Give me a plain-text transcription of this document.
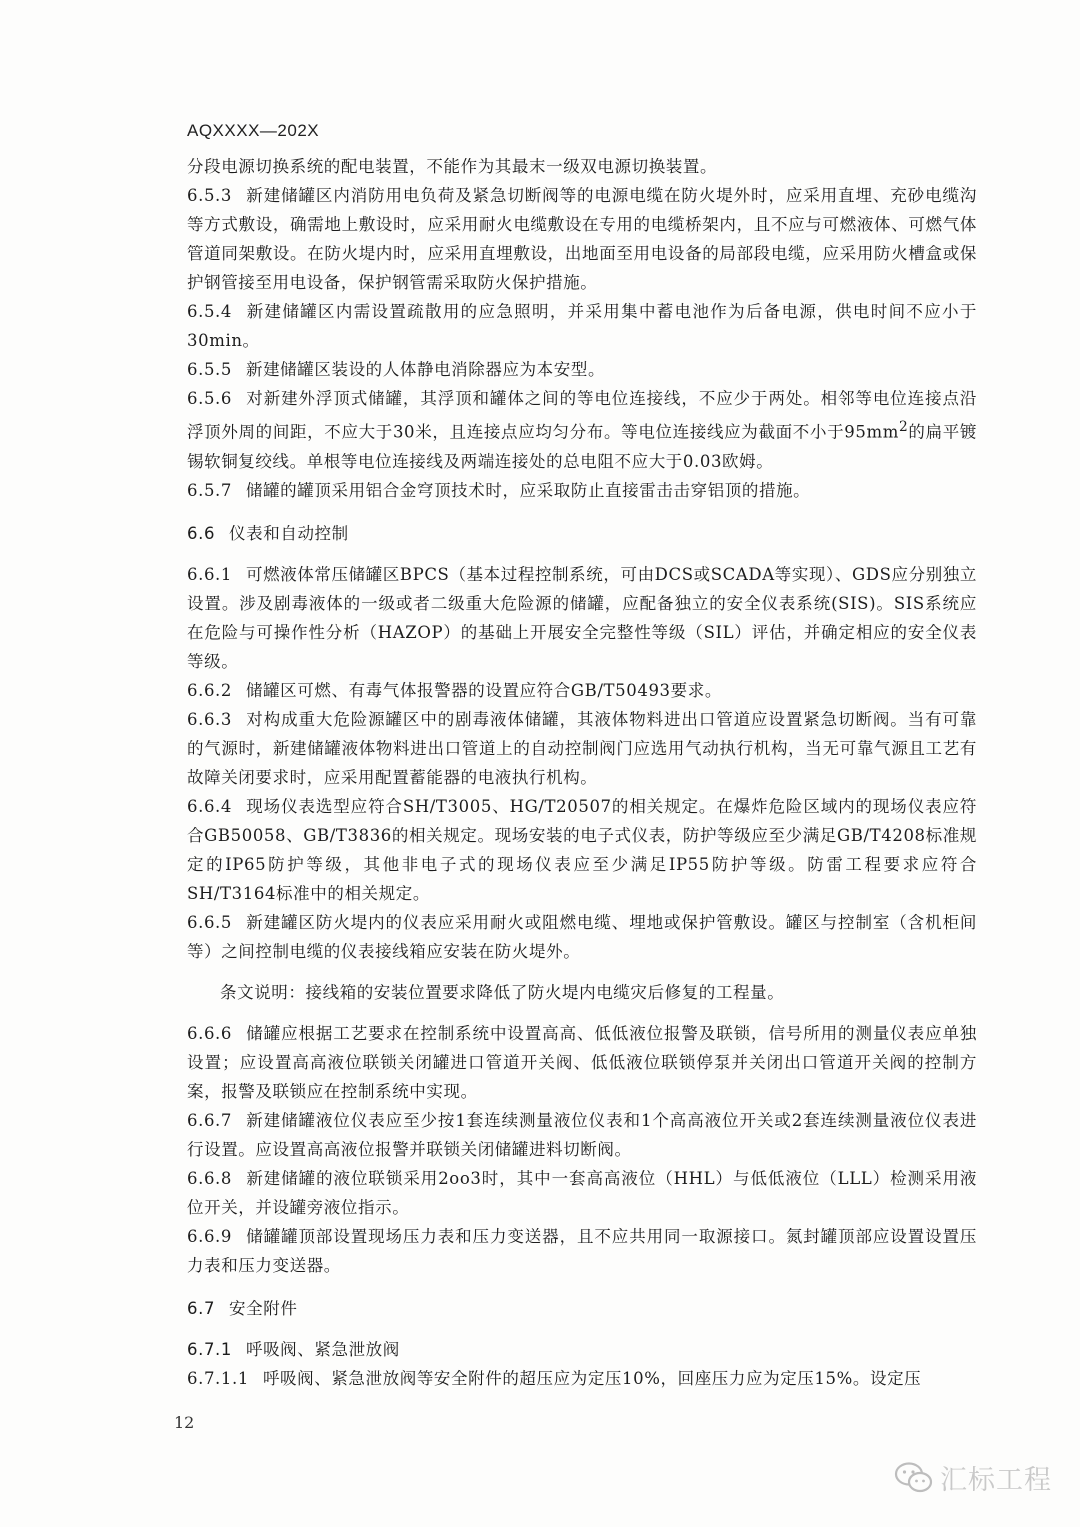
AQXXXX—202X

分段电源切换系统的配电装置，不能作为其最末一级双电源切换装置。

6.5.3 新建储罐区内消防用电负荷及紧急切断阀等的电源电缆在防火堤外时，应采用直埋、充砂电缆沟等方式敷设，确需地上敷设时，应采用耐火电缆敷设在专用的电缆桥架内，且不应与可燃液体、可燃气体管道同架敷设。在防火堤内时，应采用直埋敷设，出地面至用电设备的局部段电缆，应采用防火槽盒或保护钢管接至用电设备，保护钢管需采取防火保护措施。

6.5.4 新建储罐区内需设置疏散用的应急照明，并采用集中蓄电池作为后备电源，供电时间不应小于30min。

6.5.5 新建储罐区装设的人体静电消除器应为本安型。

6.5.6 对新建外浮顶式储罐，其浮顶和罐体之间的等电位连接线，不应少于两处。相邻等电位连接点沿浮顶外周的间距，不应大于30米，且连接点应均匀分布。等电位连接线应为截面不小于$95mm^2$的扁平镀锡软铜复绞线。单根等电位连接线及两端连接处的总电阻不应大于0.03欧姆。

6.5.7 储罐的罐顶采用铝合金穹顶技术时，应采取防止直接雷击击穿铝顶的措施。

6.6 仪表和自动控制

6.6.1 可燃液体常压储罐区BPCS（基本过程控制系统，可由DCS或SCADA等实现）、GDS应分别独立设置。涉及剧毒液体的一级或者二级重大危险源的储罐，应配备独立的安全仪表系统(SIS)。SIS系统应在危险与可操作性分析（HAZOP）的基础上开展安全完整性等级（SIL）评估，并确定相应的安全仪表等级。

6.6.2 储罐区可燃、有毒气体报警器的设置应符合GB/T50493要求。

6.6.3 对构成重大危险源罐区中的剧毒液体储罐，其液体物料进出口管道应设置紧急切断阀。当有可靠的气源时，新建储罐液体物料进出口管道上的自动控制阀门应选用气动执行机构，当无可靠气源且工艺有故障关闭要求时，应采用配置蓄能器的电液执行机构。

6.6.4 现场仪表选型应符合SH/T3005、HG/T20507的相关规定。在爆炸危险区域内的现场仪表应符合GB50058、GB/T3836的相关规定。现场安装的电子式仪表，防护等级应至少满足GB/T4208标准规定的IP65防护等级，其他非电子式的现场仪表应至少满足IP55防护等级。防雷工程要求应符合SH/T3164标准中的相关规定。

6.6.5 新建罐区防火堤内的仪表应采用耐火或阻燃电缆、埋地或保护管敷设。罐区与控制室（含机柜间等）之间控制电缆的仪表接线箱应安装在防火堤外。

条文说明：接线箱的安装位置要求降低了防火堤内电缆灾后修复的工程量。

6.6.6 储罐应根据工艺要求在控制系统中设置高高、低低液位报警及联锁，信号所用的测量仪表应单独设置；应设置高高液位联锁关闭罐进口管道开关阀、低低液位联锁停泵并关闭出口管道开关阀的控制方案，报警及联锁应在控制系统中实现。

6.6.7 新建储罐液位仪表应至少按1套连续测量液位仪表和1个高高液位开关或2套连续测量液位仪表进行设置。应设置高高液位报警并联锁关闭储罐进料切断阀。

6.6.8 新建储罐的液位联锁采用2oo3时，其中一套高高液位（HHL）与低低液位（LLL）检测采用液位开关，并设罐旁液位指示。

6.6.9 储罐罐顶部设置现场压力表和压力变送器，且不应共用同一取源接口。氮封罐顶部应设置设置压力表和压力变送器。

6.7 安全附件

6.7.1 呼吸阀、紧急泄放阀

6.7.1.1 呼吸阀、紧急泄放阀等安全附件的超压应为定压10%，回座压力应为定压15%。设定压

12
汇标工程
